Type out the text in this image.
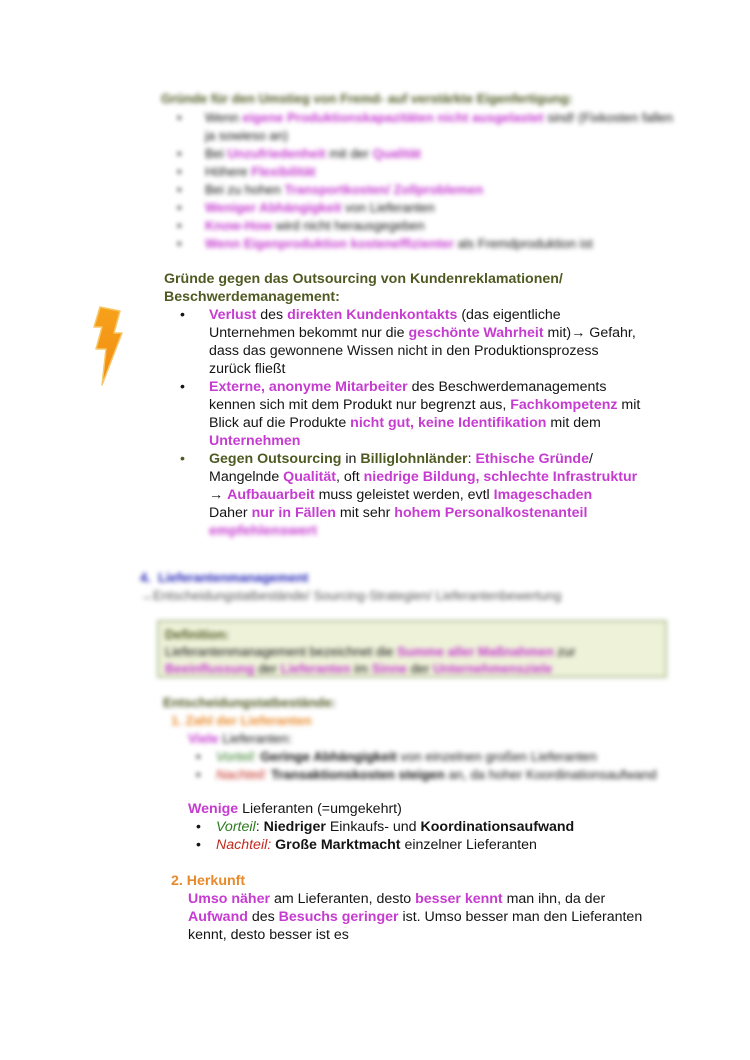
Gründe für den Umstieg von Fremd- auf verstärkte Eigenfertigung:
• Wenn eigene Produktionskapazitäten nicht ausgelastet sind! (Fixkosten fallen ja sowieso an)
• Bei Unzufriedenheit mit der Qualität
• Höhere Flexibilität
• Bei zu hohen Transportkosten/ Zollproblemen
• Weniger Abhängigkeit von Lieferanten
• Know-How wird nicht herausgegeben
• Wenn Eigenproduktion kosteneffizienter als Fremdproduktion ist
Gründe gegen das Outsourcing von Kundenreklamationen/
Beschwerdemanagement:
• Verlust des direkten Kundenkontakts (das eigentliche Unternehmen bekommt nur die geschönte Wahrheit mit)→ Gefahr, dass das gewonnene Wissen nicht in den Produktionsprozess zurück fließt
• Externe, anonyme Mitarbeiter des Beschwerdemanagements kennen sich mit dem Produkt nur begrenzt aus, Fachkompetenz mit Blick auf die Produkte nicht gut, keine Identifikation mit dem Unternehmen
• Gegen Outsourcing in Billiglohnländer: Ethische Gründe/ Mangelnde Qualität, oft niedrige Bildung, schlechte Infrastruktur → Aufbauarbeit muss geleistet werden, evtl Imageschaden
Daher nur in Fällen mit sehr hohem Personalkostenanteil
empfehlenswert
4. Lieferantenmanagement
→Entscheidungstatbestände/ Sourcing-Strategien/ Lieferantenbewertung
Definition:
Lieferantenmanagement bezeichnet die Summe aller Maßnahmen zur Beeinflussung der Lieferanten im Sinne der Unternehmensziele
Entscheidungstatbestände:
1. Zahl der Lieferanten
Viele Lieferanten:
• Vorteil: Geringe Abhängigkeit von einzelnen großen Lieferanten
• Nachteil: Transaktionskosten steigen an, da hoher Koordinationsaufwand
Wenige Lieferanten (=umgekehrt)
• Vorteil: Niedriger Einkaufs- und Koordinationsaufwand
• Nachteil: Große Marktmacht einzelner Lieferanten
2. Herkunft
Umso näher am Lieferanten, desto besser kennt man ihn, da der Aufwand des Besuchs geringer ist. Umso besser man den Lieferanten kennt, desto besser ist es
